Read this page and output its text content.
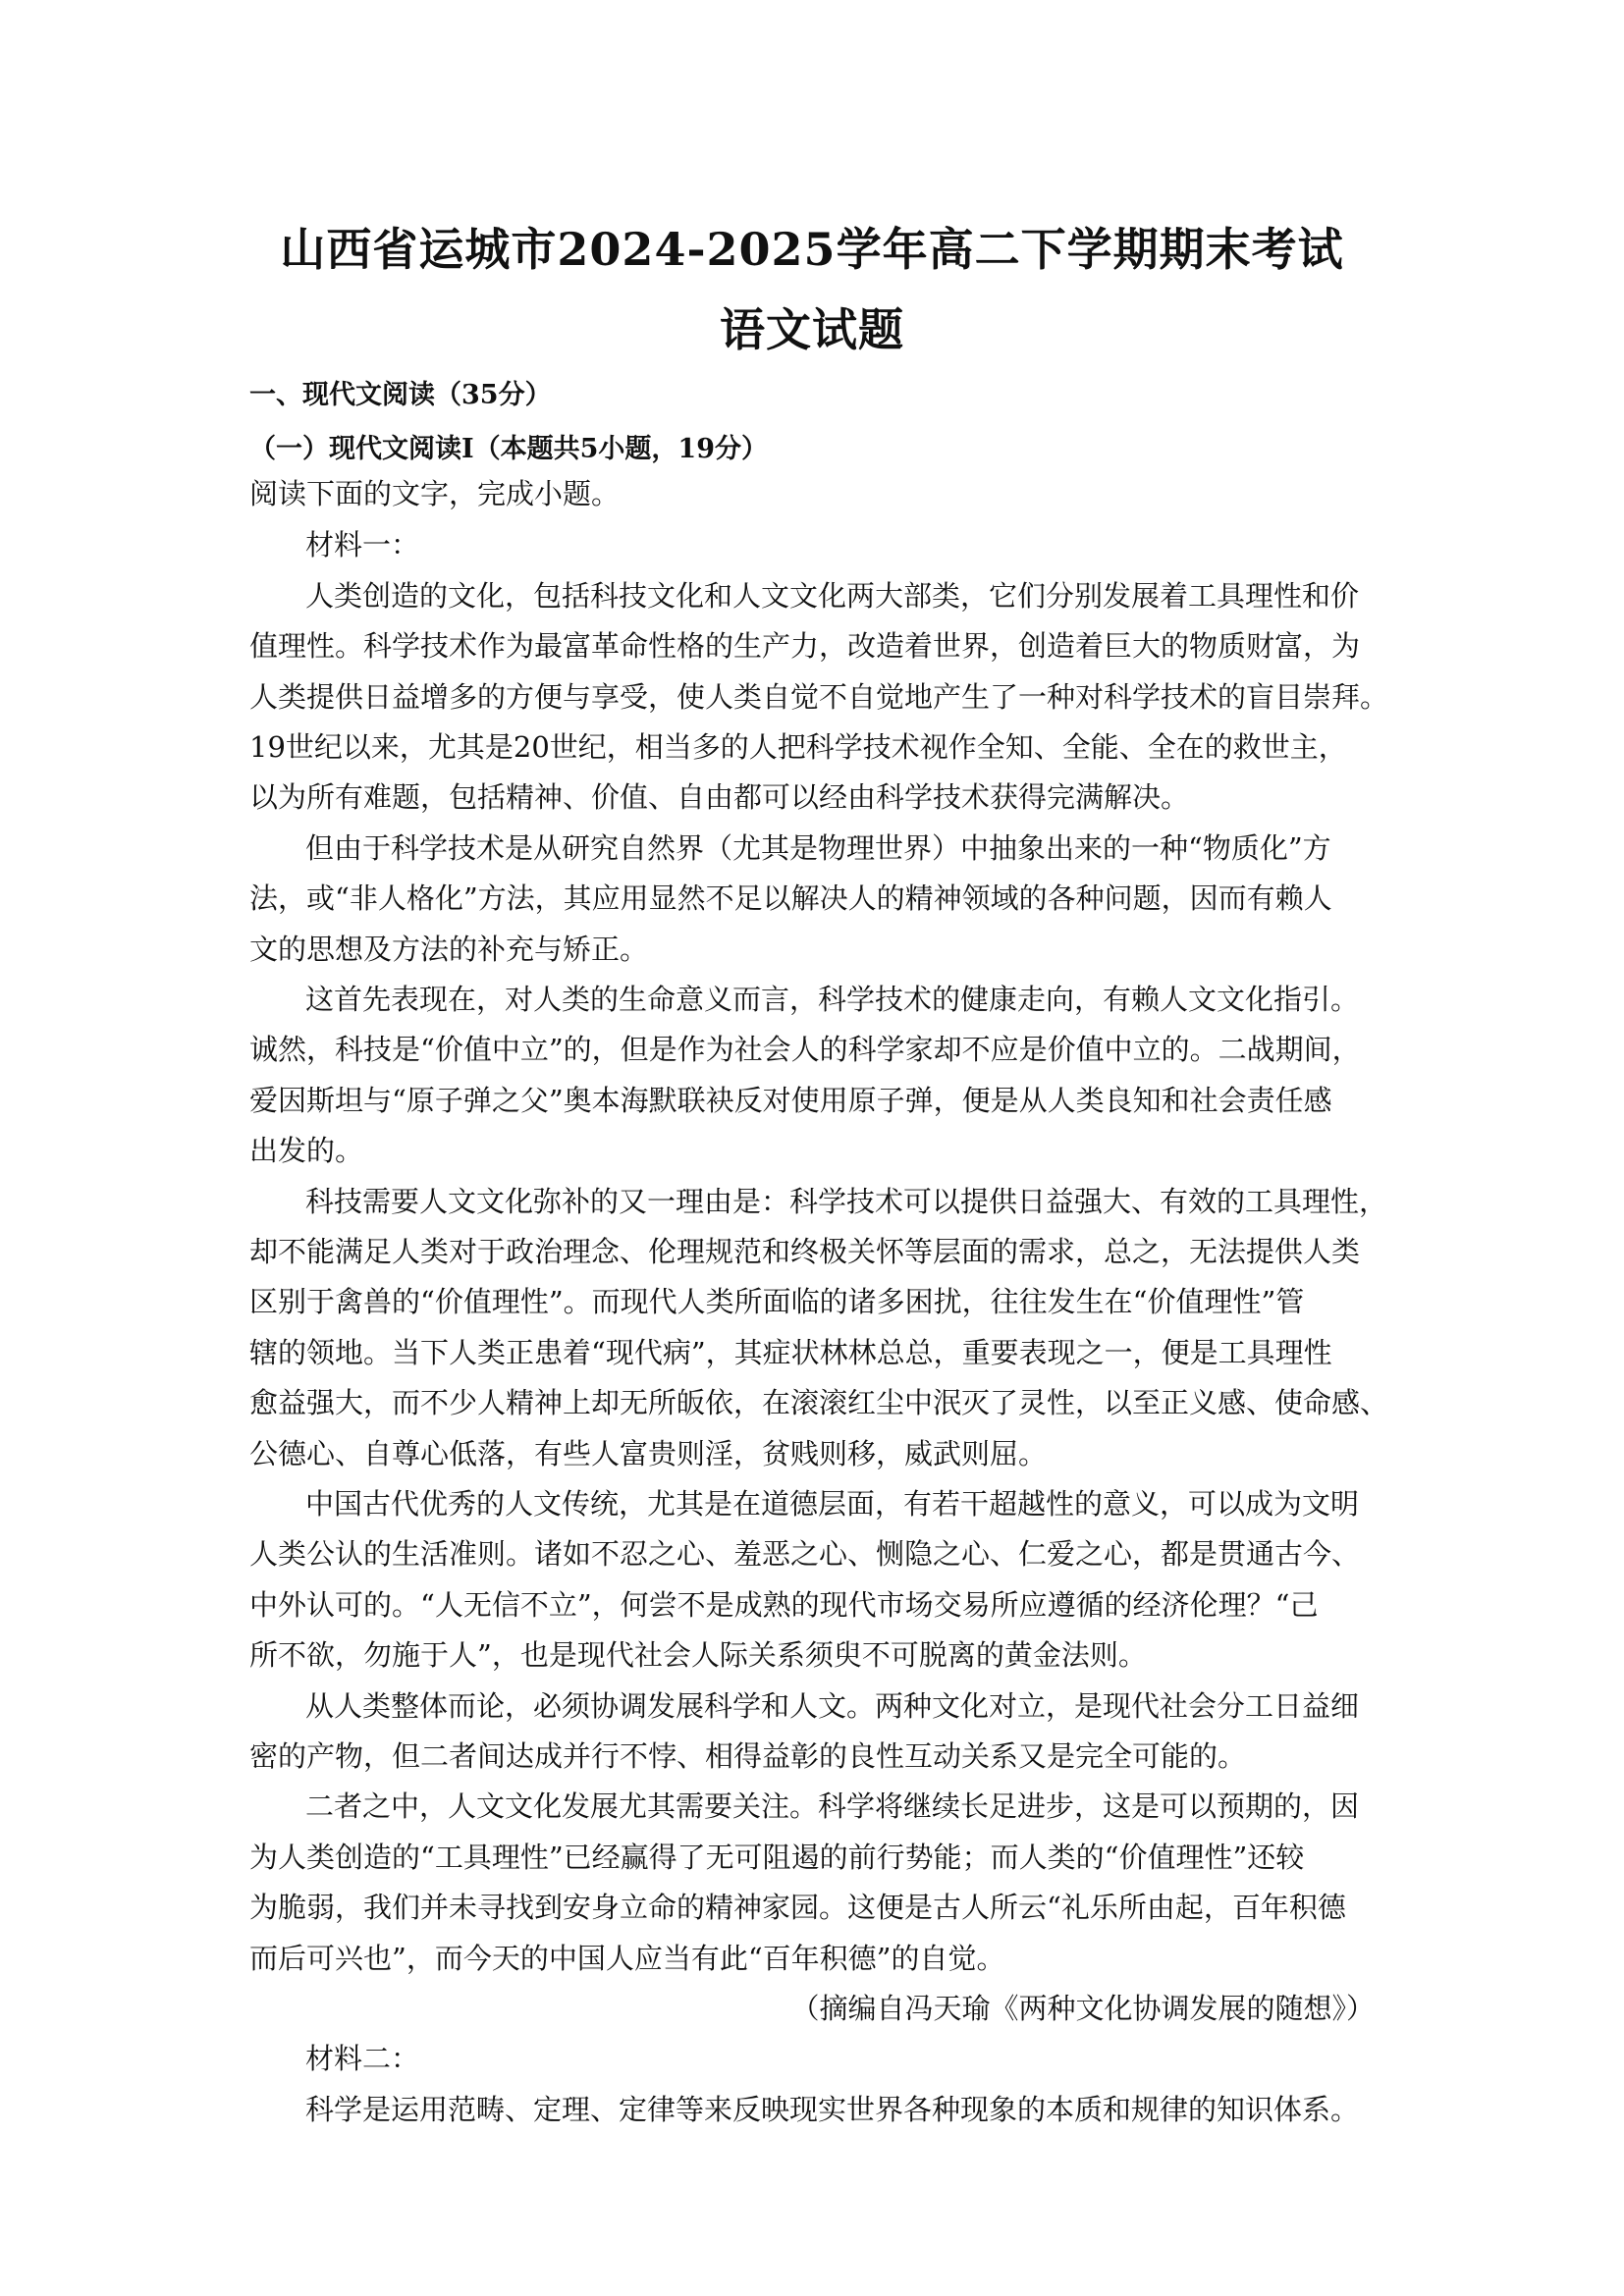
山西省运城市2024-2025学年高二下学期期末考试
语文试题
一、现代文阅读（35分）
（一）现代文阅读Ⅰ（本题共5小题，19分）
阅读下面的文字，完成小题。
材料一：
人类创造的文化，包括科技文化和人文文化两大部类，它们分别发展着工具理性和价
值理性。科学技术作为最富革命性格的生产力，改造着世界，创造着巨大的物质财富，为
人类提供日益增多的方便与享受，使人类自觉不自觉地产生了一种对科学技术的盲目崇拜。
19世纪以来，尤其是20世纪，相当多的人把科学技术视作全知、全能、全在的救世主，
以为所有难题，包括精神、价值、自由都可以经由科学技术获得完满解决。
但由于科学技术是从研究自然界（尤其是物理世界）中抽象出来的一种“物质化”方
法，或“非人格化”方法，其应用显然不足以解决人的精神领域的各种问题，因而有赖人
文的思想及方法的补充与矫正。
这首先表现在，对人类的生命意义而言，科学技术的健康走向，有赖人文文化指引。
诚然，科技是“价值中立”的，但是作为社会人的科学家却不应是价值中立的。二战期间，
爱因斯坦与“原子弹之父”奥本海默联袂反对使用原子弹，便是从人类良知和社会责任感
出发的。
科技需要人文文化弥补的又一理由是：科学技术可以提供日益强大、有效的工具理性，
却不能满足人类对于政治理念、伦理规范和终极关怀等层面的需求，总之，无法提供人类
区别于禽兽的“价值理性”。而现代人类所面临的诸多困扰，往往发生在“价值理性”管
辖的领地。当下人类正患着“现代病”，其症状林林总总，重要表现之一，便是工具理性
愈益强大，而不少人精神上却无所皈依，在滚滚红尘中泯灭了灵性，以至正义感、使命感、
公德心、自尊心低落，有些人富贵则淫，贫贱则移，威武则屈。
中国古代优秀的人文传统，尤其是在道德层面，有若干超越性的意义，可以成为文明
人类公认的生活准则。诸如不忍之心、羞恶之心、恻隐之心、仁爱之心，都是贯通古今、
中外认可的。“人无信不立”，何尝不是成熟的现代市场交易所应遵循的经济伦理？“己
所不欲，勿施于人”，也是现代社会人际关系须臾不可脱离的黄金法则。
从人类整体而论，必须协调发展科学和人文。两种文化对立，是现代社会分工日益细
密的产物，但二者间达成并行不悖、相得益彰的良性互动关系又是完全可能的。
二者之中，人文文化发展尤其需要关注。科学将继续长足进步，这是可以预期的，因
为人类创造的“工具理性”已经赢得了无可阻遏的前行势能；而人类的“价值理性”还较
为脆弱，我们并未寻找到安身立命的精神家园。这便是古人所云“礼乐所由起，百年积德
而后可兴也”，而今天的中国人应当有此“百年积德”的自觉。
（摘编自冯天瑜《两种文化协调发展的随想》）
材料二：
科学是运用范畴、定理、定律等来反映现实世界各种现象的本质和规律的知识体系。
